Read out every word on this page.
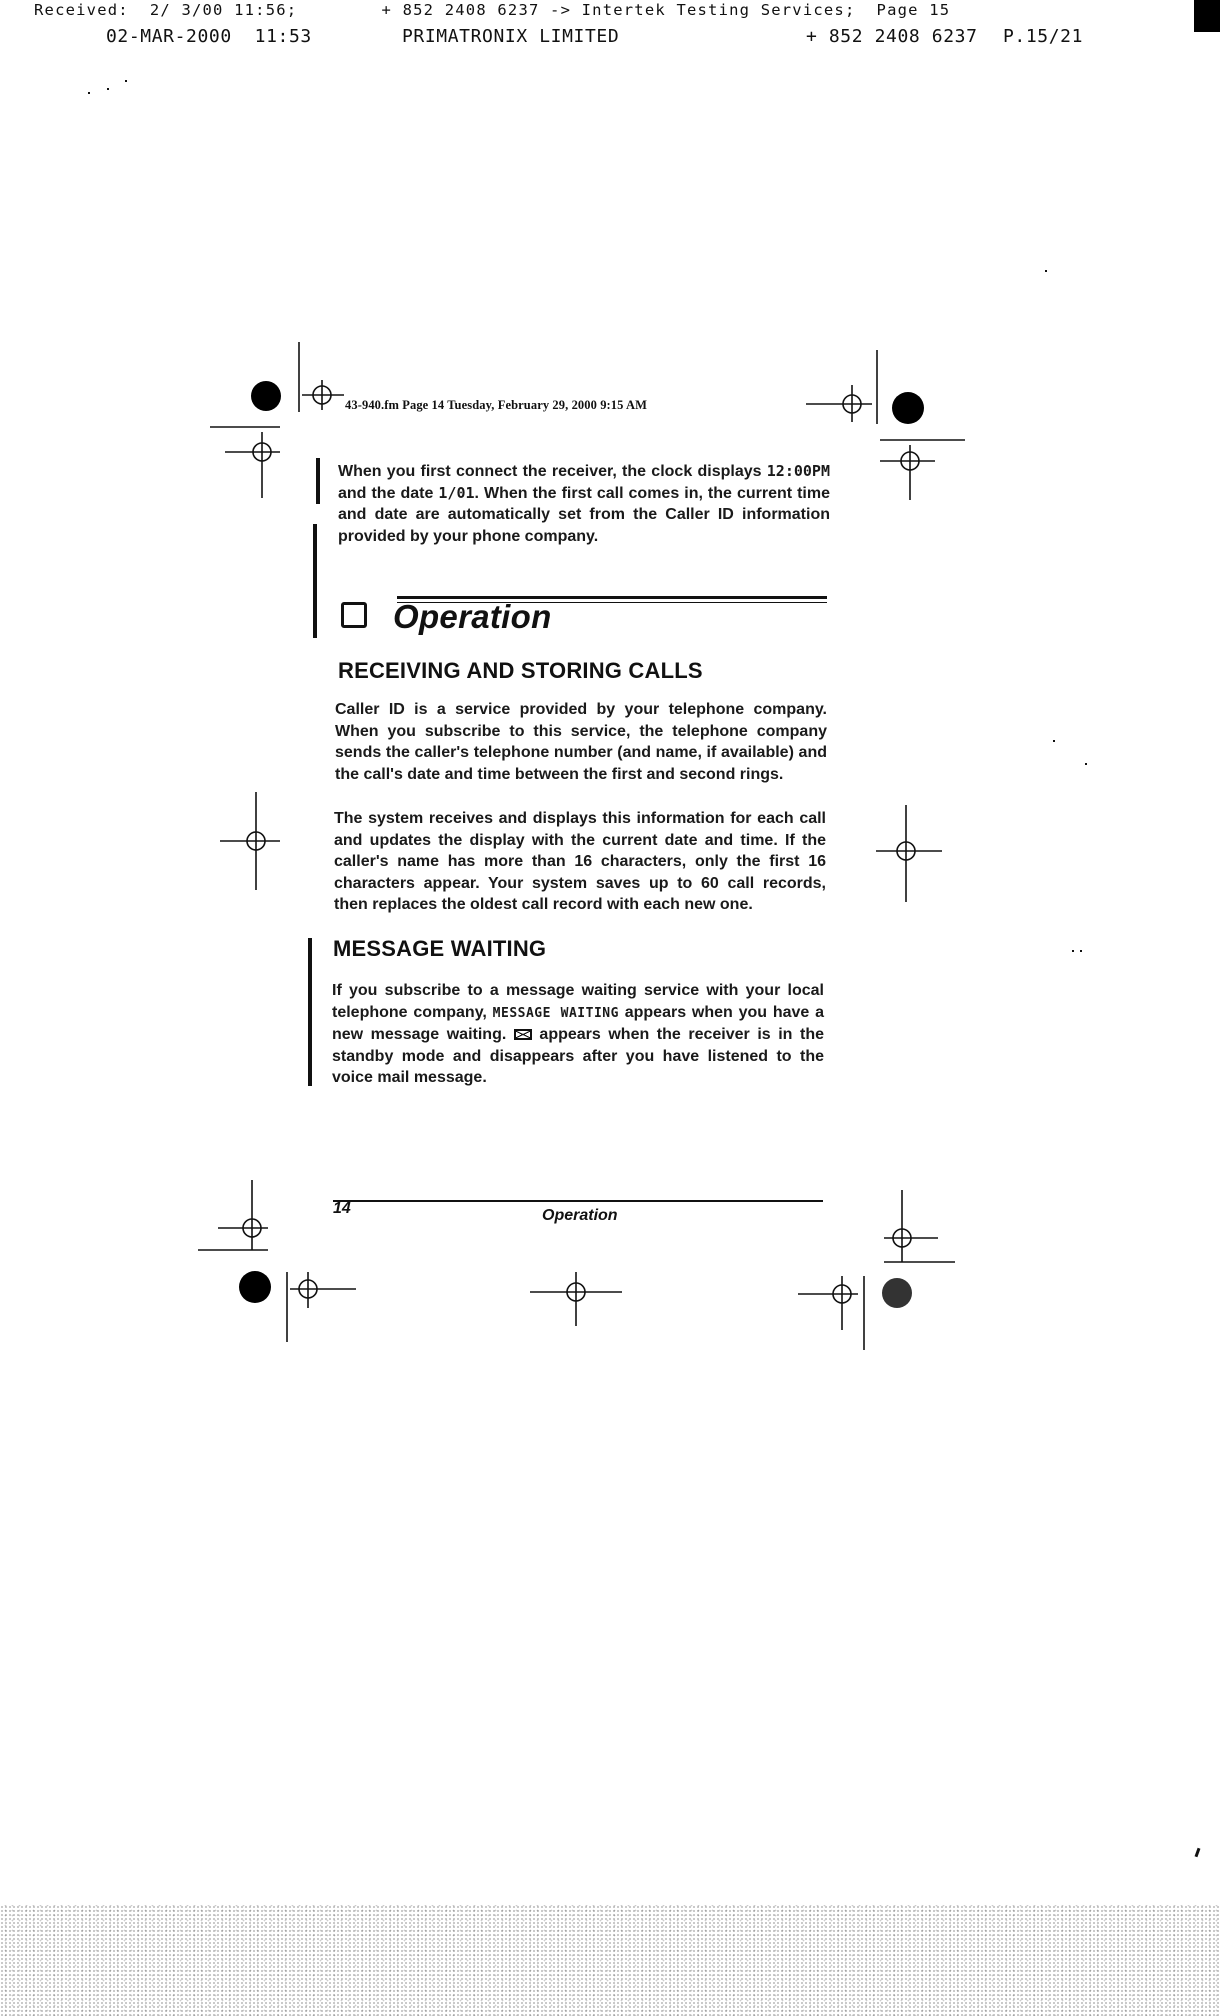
Received:  2/ 3/00 11:56;        + 852 2408 6237 -> Intertek Testing Services;  Page 15
02-MAR-2000  11:53	PRIMATRONIX LIMITED	+ 852 2408 6237 P.15/21
43-940.fm Page 14 Tuesday, February 29, 2000 9:15 AM

When you first connect the receiver, the clock displays 12:00PM and the date 1/01. When the first call comes in, the current time and date are automatically set from the Caller ID information provided by your phone company.

Operation
RECEIVING AND STORING CALLS

Caller ID is a service provided by your telephone company. When you subscribe to this service, the telephone company sends the caller's telephone number (and name, if available) and the call's date and time between the first and second rings.

The system receives and displays this information for each call and updates the display with the current date and time. If the caller's name has more than 16 characters, only the first 16 characters appear. Your system saves up to 60 call records, then replaces the oldest call record with each new one.

MESSAGE WAITING

If you subscribe to a message waiting service with your local telephone company, MESSAGE WAITING appears when you have a new message waiting.  appears when the receiver is in the standby mode and disappears after you have listened to the voice mail message.

14	Operation
